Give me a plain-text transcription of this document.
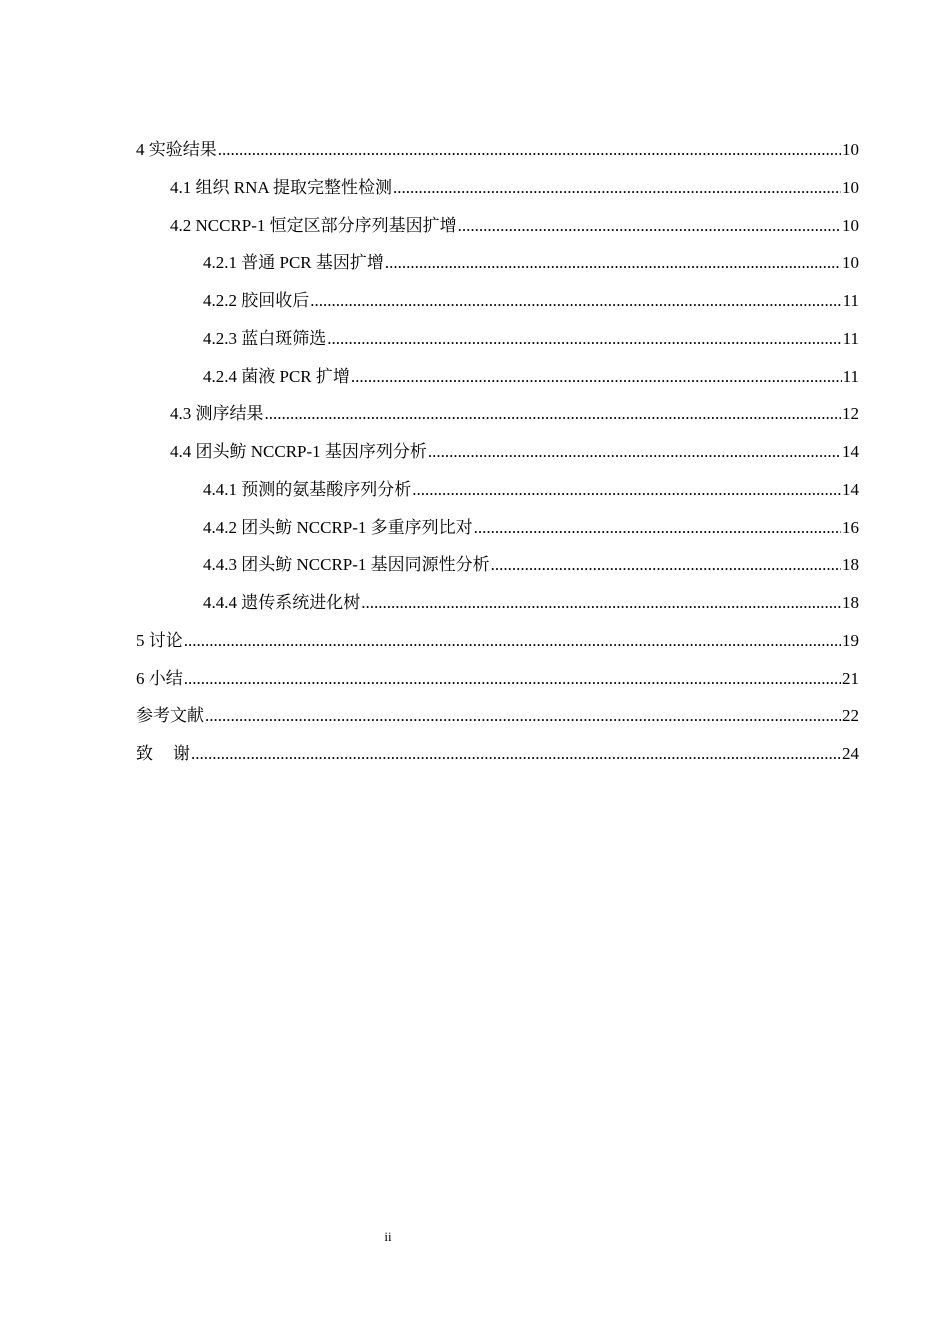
4 实验结果 .....	10
4.1 组织 RNA 提取完整性检测 .....	10
4.2 NCCRP-1 恒定区部分序列基因扩增 .....	10
4.2.1 普通 PCR 基因扩增 .....	10
4.2.2 胶回收后 .....	11
4.2.3 蓝白斑筛选 .....	11
4.2.4 菌液 PCR 扩增 .....	11
4.3 测序结果 .....	12
4.4 团头鲂 NCCRP-1 基因序列分析 .....	14
4.4.1 预测的氨基酸序列分析 .....	14
4.4.2 团头鲂 NCCRP-1 多重序列比对 .....	16
4.4.3 团头鲂 NCCRP-1 基因同源性分析 .....	18
4.4.4 遗传系统进化树 .....	18
5 讨论 .....	19
6 小结 .....	21
参考文献 .....	22
致 谢 .....	24
ii
